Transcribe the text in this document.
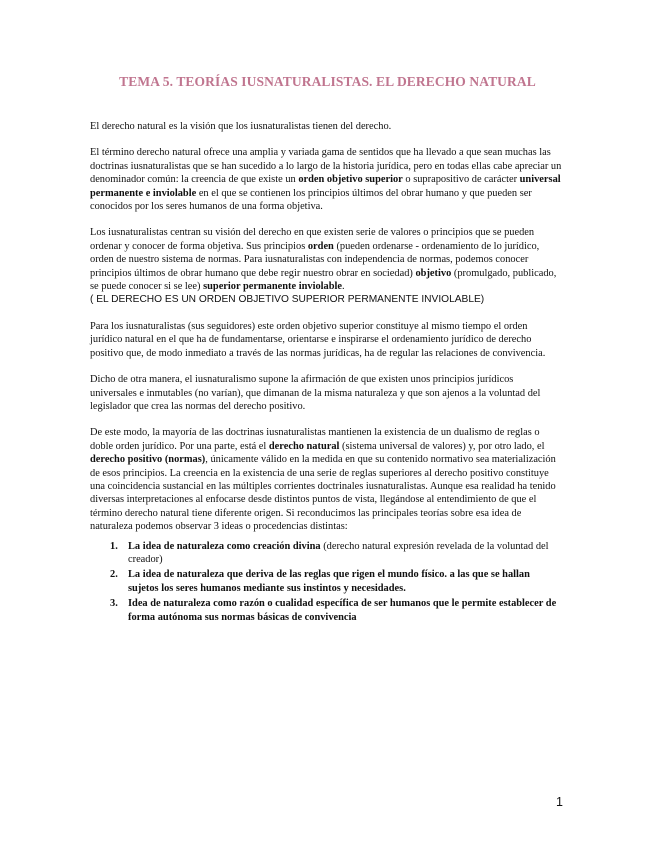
TEMA 5. TEORÍAS IUSNATURALISTAS. EL DERECHO NATURAL

El derecho natural es la visión que los iusnaturalistas tienen del derecho.

El término derecho natural ofrece una amplia y variada gama de sentidos que ha llevado a que sean muchas las doctrinas iusnaturalistas que se han sucedido a lo largo de la historia jurídica, pero en todas ellas cabe apreciar un denominador común: la creencia de que existe un orden objetivo superior o suprapositivo de carácter universal permanente e inviolable en el que se contienen los principios últimos del obrar humano y que pueden ser conocidos por los seres humanos de una forma objetiva.

Los iusnaturalistas centran su visión del derecho en que existen serie de valores o principios que se pueden ordenar y conocer de forma objetiva. Sus principios orden (pueden ordenarse - ordenamiento de lo jurídico, orden de nuestro sistema de normas. Para iusnaturalistas con independencia de normas, podemos conocer principios últimos de obrar humano que debe regir nuestro obrar en sociedad) objetivo (promulgado, publicado, se puede conocer si se lee) superior permanente inviolable.
( EL DERECHO ES UN ORDEN OBJETIVO SUPERIOR PERMANENTE INVIOLABLE)

Para los iusnaturalistas (sus seguidores) este orden objetivo superior constituye al mismo tiempo el orden jurídico natural en el que ha de fundamentarse, orientarse e inspirarse el ordenamiento jurídico de derecho positivo que, de modo inmediato a través de las normas jurídicas, ha de regular las relaciones de convivencia.

Dicho de otra manera, el iusnaturalismo supone la afirmación de que existen unos principios jurídicos universales e inmutables (no varían), que dimanan de la misma naturaleza y que son ajenos a la voluntad del legislador que crea las normas del derecho positivo.

De este modo, la mayoría de las doctrinas iusnaturalistas mantienen la existencia de un dualismo de reglas o doble orden jurídico. Por una parte, está el derecho natural (sistema universal de valores) y, por otro lado, el derecho positivo (normas), únicamente válido en la medida en que su contenido normativo sea materialización de esos principios. La creencia en la existencia de una serie de reglas superiores al derecho positivo constituye una coincidencia sustancial en las múltiples corrientes doctrinales iusnaturalistas. Aunque esa realidad ha tenido diversas interpretaciones al enfocarse desde distintos puntos de vista, llegándose al entendimiento de que el término derecho natural tiene diferente origen. Si reconducimos las principales teorías sobre esa idea de naturaleza podemos observar 3 ideas o procedencias distintas:

1. La idea de naturaleza como creación divina (derecho natural expresión revelada de la voluntad del creador)
2. La idea de naturaleza que deriva de las reglas que rigen el mundo físico. a las que se hallan sujetos los seres humanos mediante sus instintos y necesidades.
3. Idea de naturaleza como razón o cualidad específica de ser humanos que le permite establecer de forma autónoma sus normas básicas de convivencia
1
